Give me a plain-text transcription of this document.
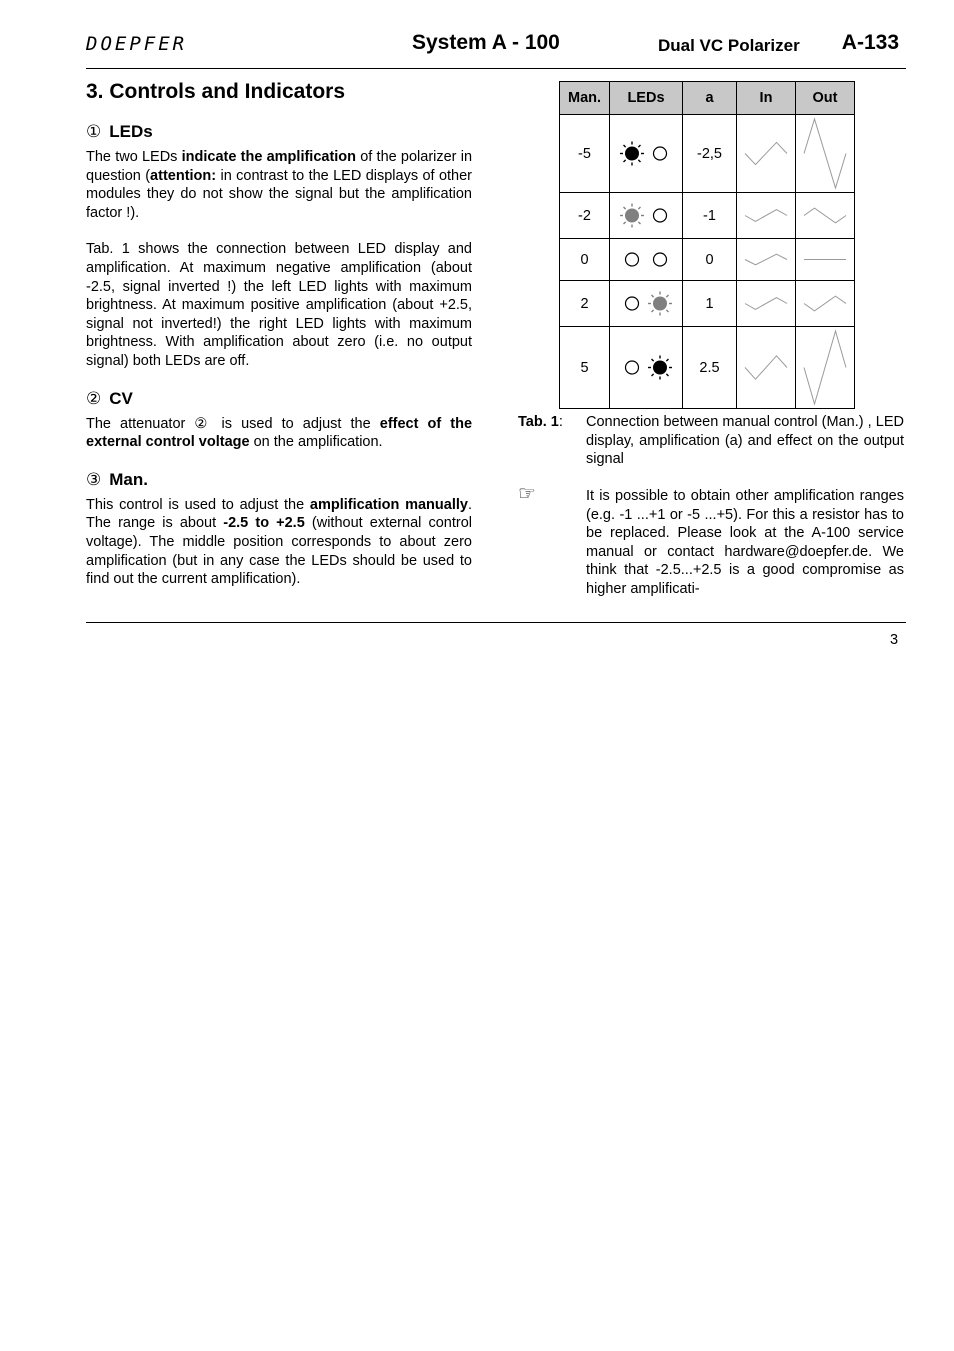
DOEPFER	System A - 100	Dual VC Polarizer A-133
3. Controls and Indicators
① LEDs

The two LEDs indicate the amplification of the polarizer in question (attention: in contrast to the LED displays of other modules they do not show the signal but the amplification factor !).

Tab. 1 shows the connection between LED display and amplification. At maximum negative amplification (about -2.5, signal inverted !) the left LED lights with maximum brightness. At maximum positive amplification (about +2.5, signal not inverted!) the right LED lights with maximum brightness. With amplification about zero (i.e. no output signal) both LEDs are off.

② CV

The attenuator ② is used to adjust the effect of the external control voltage on the amplification.

③ Man.

This control is used to adjust the amplification manually. The range is about -2.5 to +2.5 (without external control voltage). The middle position corresponds to about zero amplification (but in any case the LEDs should be used to find out the current amplification).

Man.	LEDs	a	In	Out
-5		-2,5	

-2		-1	

0		0	

2		1	

5		2.5	

Tab. 1: Connection between manual control (Man.) , LED display, amplification (a) and effect on the output signal
☞	It is possible to obtain other amplification ranges (e.g. -1 ...+1 or -5 ...+5). For this a resistor has to be replaced. Please look at the A-100 service manual or contact hardware@doepfer.de. We think that -2.5...+2.5 is a good compromise as higher amplificati-
3
